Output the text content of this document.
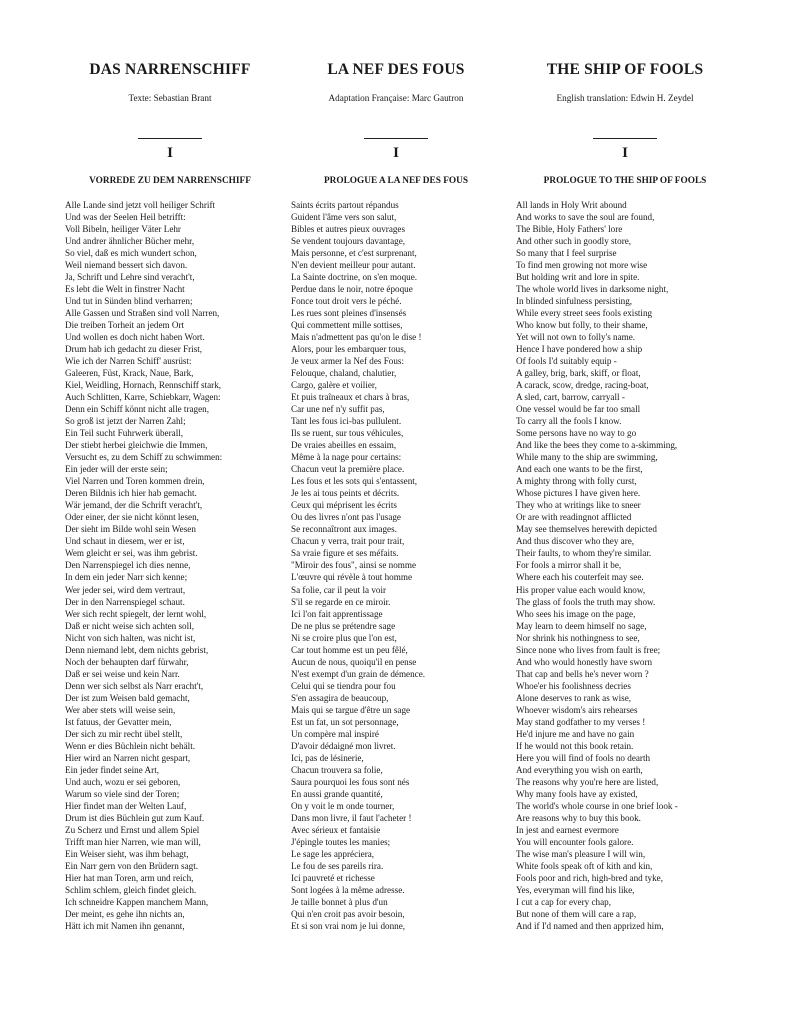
DAS NARRENSCHIFF
Texte: Sebastian Brant
I
VORREDE ZU DEM NARRENSCHIFF
Alle Lande sind jetzt voll heiliger Schrift
Und was der Seelen Heil betrifft:
Voll Bibeln, heiliger Väter Lehr
Und andrer ähnlicher Bücher mehr,
So viel, daß es mich wundert schon,
Weil niemand bessert sich davon.
Ja, Schrift und Lehre sind veracht't,
Es lebt die Welt in finstrer Nacht
Und tut in Sünden blind verharren;
Alle Gassen und Straßen sind voll Narren,
Die treiben Torheit an jedem Ort
Und wollen es doch nicht haben Wort.
Drum hab ich gedacht zu dieser Frist,
Wie ich der Narren Schiff' ausrüst:
Galeeren, Füst, Krack, Naue, Bark,
Kiel, Weidling, Hornach, Rennschiff stark,
Auch Schlitten, Karre, Schiebkarr, Wagen:
Denn ein Schiff könnt nicht alle tragen,
So groß ist jetzt der Narren Zahl;
Ein Teil sucht Fuhrwerk überall,
Der stiebt herbei gleichwie die Immen,
Versucht es, zu dem Schiff zu schwimmen:
Ein jeder will der erste sein;
Viel Narren und Toren kommen drein,
Deren Bildnis ich hier hab gemacht.
Wär jemand, der die Schrift veracht't,
Oder einer, der sie nicht könnt lesen,
Der sieht im Bilde wohl sein Wesen
Und schaut in diesem, wer er ist,
Wem gleicht er sei, was ihm gebrist.
Den Narrenspiegel ich dies nenne,
In dem ein jeder Narr sich kenne;
Wer jeder sei, wird dem vertraut,
Der in den Narrenspiegel schaut.
Wer sich recht spiegelt, der lernt wohl,
Daß er nicht weise sich achten soll,
Nicht von sich halten, was nicht ist,
Denn niemand lebt, dem nichts gebrist,
Noch der behaupten darf fürwahr,
Daß er sei weise und kein Narr.
Denn wer sich selbst als Narr eracht't,
Der ist zum Weisen bald gemacht,
Wer aber stets will weise sein,
Ist fatuus, der Gevatter mein,
Der sich zu mir recht übel stellt,
Wenn er dies Büchlein nicht behält.
Hier wird an Narren nicht gespart,
Ein jeder findet seine Art,
Und auch, wozu er sei geboren,
Warum so viele sind der Toren;
Hier findet man der Welten Lauf,
Drum ist dies Büchlein gut zum Kauf.
Zu Scherz und Ernst und allem Spiel
Trifft man hier Narren, wie man will,
Ein Weiser sieht, was ihm behagt,
Ein Narr gern von den Brüdern sagt.
Hier hat man Toren, arm und reich,
Schlim schlem, gleich findet gleich.
Ich schneidre Kappen manchem Mann,
Der meint, es gehe ihn nichts an,
Hätt ich mit Namen ihn genannt,
LA NEF DES FOUS
Adaptation Française: Marc Gautron
I
PROLOGUE A LA NEF DES FOUS
Saints écrits partout répandus
Guident l'âme vers son salut,
Bibles et autres pieux ouvrages
Se vendent toujours davantage,
Mais personne, et c'est surprenant,
N'en devient meilleur pour autant.
La Sainte doctrine, on s'en moque.
Perdue dans le noir, notre époque
Fonce tout droit vers le péché.
Les rues sont pleines d'insensés
Qui commettent mille sottises,
Mais n'admettent pas qu'on le dise !
Alors, pour les embarquer tous,
Je veux armer la Nef des Fous:
Felouque, chaland, chalutier,
Cargo, galère et voilier,
Et puis traîneaux et chars à bras,
Car une nef n'y suffit pas,
Tant les fous ici-bas pullulent.
Ils se ruent, sur tous véhicules,
De vraies abeilles en essaim,
Même à la nage pour certains:
Chacun veut la première place.
Les fous et les sots qui s'entassent,
Je les ai tous peints et décrits.
Ceux qui méprisent les écrits
Ou des livres n'ont pas l'usage
Se reconnaîtront aux images.
Chacun y verra, trait pour trait,
Sa vraie figure et ses méfaits.
"Miroir des fous", ainsi se nomme
L'œuvre qui révèle à tout homme
Sa folie, car il peut la voir
S'il se regarde en ce miroir.
Ici l'on fait apprentissage
De ne plus se prétendre sage
Ni se croire plus que l'on est,
Car tout homme est un peu fêlé,
Aucun de nous, quoiqu'il en pense
N'est exempt d'un grain de démence.
Celui qui se tiendra pour fou
S'en assagira de beaucoup,
Mais qui se targue d'être un sage
Est un fat, un sot personnage,
Un compère mal inspiré
D'avoir dédaigné mon livret.
Ici, pas de lésinerie,
Chacun trouvera sa folie,
Saura pourquoi les fous sont nés
En aussi grande quantité,
On y voit le m onde tourner,
Dans mon livre, il faut l'acheter !
Avec sérieux et fantaisie
J'épingle toutes les manies;
Le sage les appréciera,
Le fou de ses pareils rira.
Ici pauvreté et richesse
Sont logées à la même adresse.
Je taille bonnet à plus d'un
Qui n'en croit pas avoir besoin,
Et si son vrai nom je lui donne,
THE SHIP OF FOOLS
English translation: Edwin H. Zeydel
I
PROLOGUE TO THE SHIP OF FOOLS
All lands in Holy Writ abound
And works to save the soul are found,
The Bible, Holy Fathers' lore
And other such in goodly store,
So many that I feel surprise
To find men growing not more wise
But holding writ and lore in spite.
The whole world lives in darksome night,
In blinded sinfulness persisting,
While every street sees fools existing
Who know but folly, to their shame,
Yet will not own to folly's name.
Hence I have pondered how a ship
Of fools I'd suitably equip -
A galley, brig, bark, skiff, or float,
A carack, scow, dredge, racing-boat,
A sled, cart, barrow, carryall -
One vessel would be far too small
To carry all the fools I know.
Some persons have no way to go
And like the bees they come to a-skimming,
While many to the ship are swimming,
And each one wants to be the first,
A mighty throng with folly curst,
Whose pictures I have given here.
They who at writings like to sneer
Or are with readingnot afflicted
May see themselves herewith depicted
And thus discover who they are,
Their faults, to whom they're similar.
For fools a mirror shall it be,
Where each his couterfeit may see.
His proper value each would know,
The glass of fools the truth may show.
Who sees his image on the page,
May learn to deem himself no sage,
Nor shrink his nothingness to see,
Since none who lives from fault is free;
And who would honestly have sworn
That cap and bells he's never worn ?
Whoe'er his foolishness decries
Alone deserves to rank as wise,
Whoever wisdom's airs rehearses
May stand godfather to my verses !
He'd injure me and have no gain
If he would not this book retain.
Here you will find of fools no dearth
And everything you wish on earth,
The reasons why you're here are listed,
Why many fools have ay existed,
The world's whole course in one brief look -
Are reasons why to buy this book.
In jest and earnest evermore
You will encounter fools galore.
The wise man's pleasure I will win,
White fools speak oft of kith and kin,
Fools poor and rich, high-bred and tyke,
Yes, everyman will find his like,
I cut a cap for every chap,
But none of them will care a rap,
And if I'd named and then apprized him,
